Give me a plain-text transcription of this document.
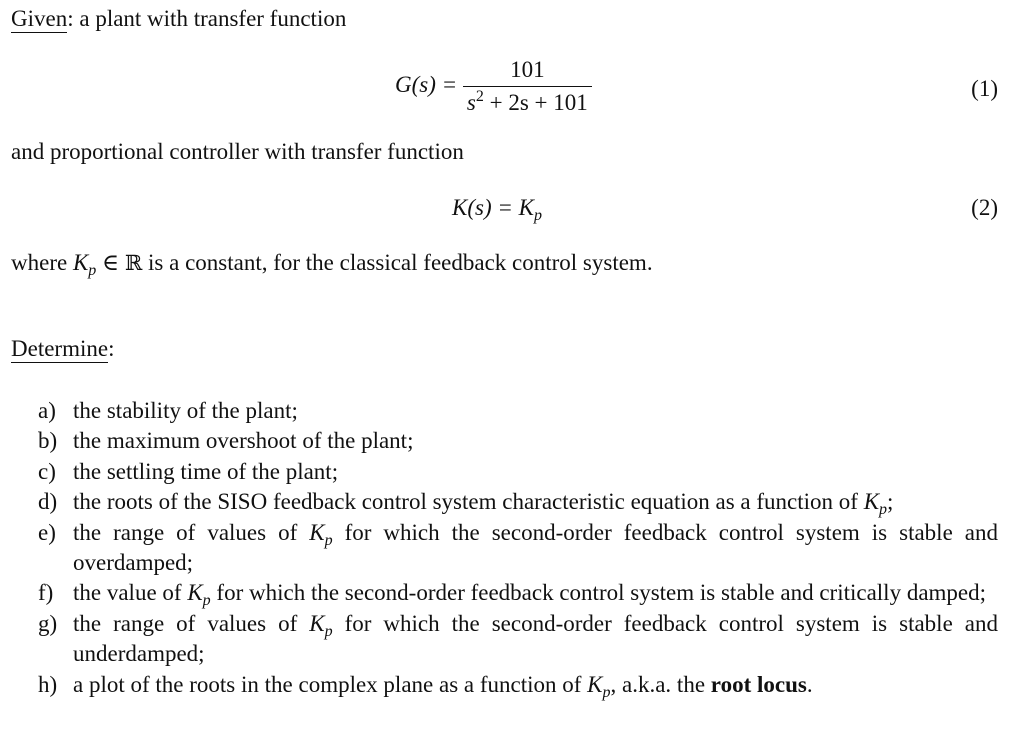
Given: a plant with transfer function
$G(s) = \frac{101}{s^2 + 2s + 101}$	(1)
and proportional controller with transfer function
$K(s) = K_p$	(2)
where $K_p$ ∈ ℝ is a constant, for the classical feedback control system.
Determine:
a) the stability of the plant;
b) the maximum overshoot of the plant;
c) the settling time of the plant;
d) the roots of the SISO feedback control system characteristic equation as a function of $K_p$;
e) the range of values of $K_p$ for which the second-order feedback control system is stable and overdamped;
f) the value of $K_p$ for which the second-order feedback control system is stable and critically damped;
g) the range of values of $K_p$ for which the second-order feedback control system is stable and underdamped;
h) a plot of the roots in the complex plane as a function of $K_p$, a.k.a. the root locus.
